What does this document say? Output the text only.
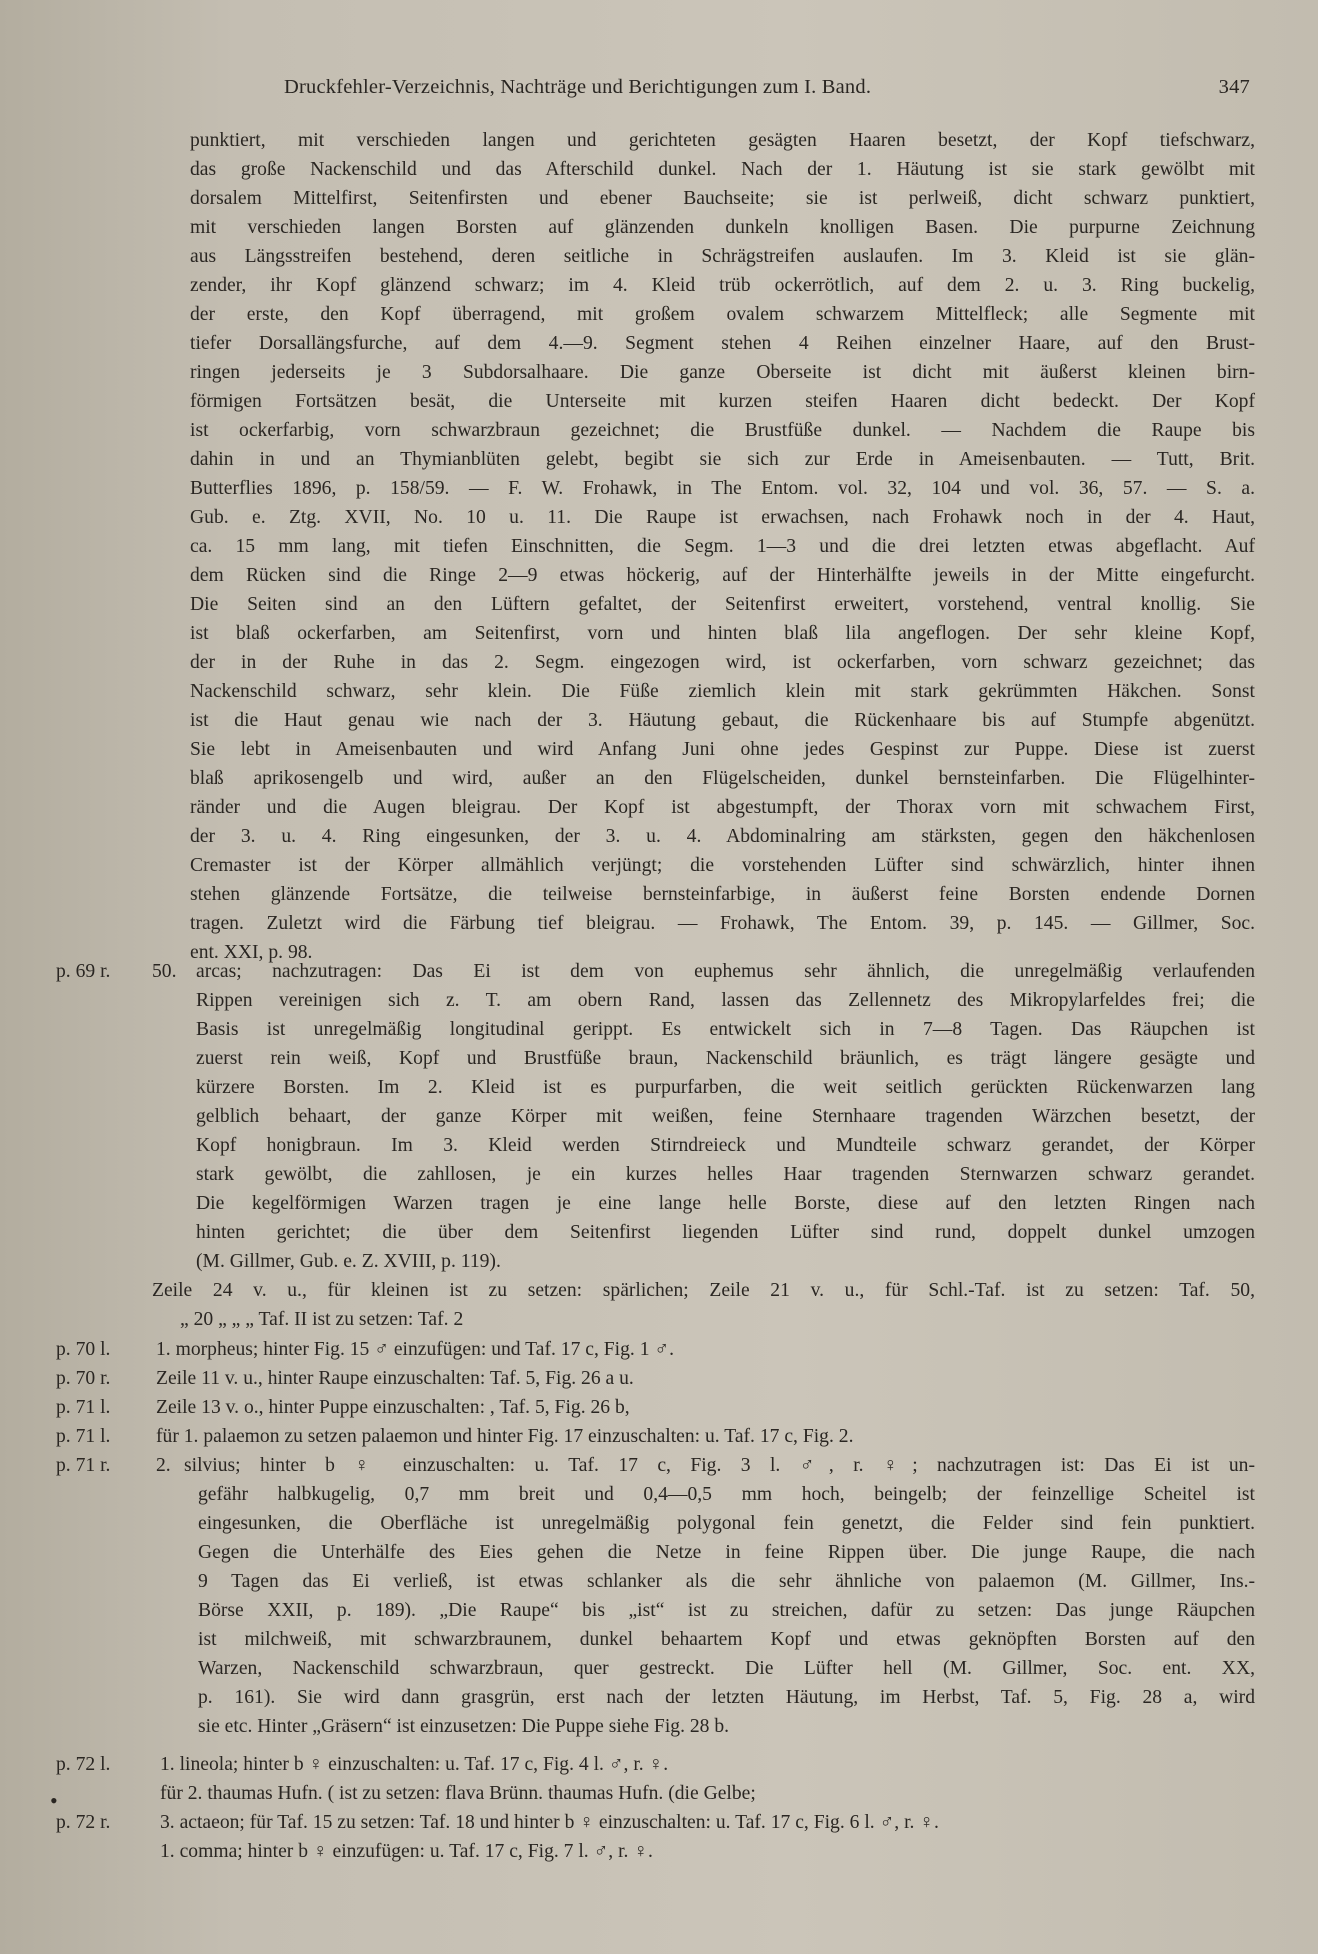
Druckfehler-Verzeichnis, Nachträge und Berichtigungen zum I. Band.	347
punktiert, mit verschieden langen und gerichteten gesägten Haaren besetzt, der Kopf tiefschwarz,
das große Nackenschild und das Afterschild dunkel. Nach der 1. Häutung ist sie stark gewölbt mit
dorsalem Mittelfirst, Seitenfirsten und ebener Bauchseite; sie ist perlweiß, dicht schwarz punktiert,
mit verschieden langen Borsten auf glänzenden dunkeln knolligen Basen. Die purpurne Zeichnung
aus Längsstreifen bestehend, deren seitliche in Schrägstreifen auslaufen. Im 3. Kleid ist sie glän-
zender, ihr Kopf glänzend schwarz; im 4. Kleid trüb ockerrötlich, auf dem 2. u. 3. Ring buckelig,
der erste, den Kopf überragend, mit großem ovalem schwarzem Mittelfleck; alle Segmente mit
tiefer Dorsallängsfurche, auf dem 4.—9. Segment stehen 4 Reihen einzelner Haare, auf den Brust-
ringen jederseits je 3 Subdorsalhaare. Die ganze Oberseite ist dicht mit äußerst kleinen birn-
förmigen Fortsätzen besät, die Unterseite mit kurzen steifen Haaren dicht bedeckt. Der Kopf
ist ockerfarbig, vorn schwarzbraun gezeichnet; die Brustfüße dunkel. — Nachdem die Raupe bis
dahin in und an Thymianblüten gelebt, begibt sie sich zur Erde in Ameisenbauten. — Tutt, Brit.
Butterflies 1896, p. 158/59. — F. W. Frohawk, in The Entom. vol. 32, 104 und vol. 36, 57. — S. a.
Gub. e. Ztg. XVII, No. 10 u. 11. Die Raupe ist erwachsen, nach Frohawk noch in der 4. Haut,
ca. 15 mm lang, mit tiefen Einschnitten, die Segm. 1—3 und die drei letzten etwas abgeflacht. Auf
dem Rücken sind die Ringe 2—9 etwas höckerig, auf der Hinterhälfte jeweils in der Mitte eingefurcht.
Die Seiten sind an den Lüftern gefaltet, der Seitenfirst erweitert, vorstehend, ventral knollig. Sie
ist blaß ockerfarben, am Seitenfirst, vorn und hinten blaß lila angeflogen. Der sehr kleine Kopf,
der in der Ruhe in das 2. Segm. eingezogen wird, ist ockerfarben, vorn schwarz gezeichnet; das
Nackenschild schwarz, sehr klein. Die Füße ziemlich klein mit stark gekrümmten Häkchen. Sonst
ist die Haut genau wie nach der 3. Häutung gebaut, die Rückenhaare bis auf Stumpfe abgenützt.
Sie lebt in Ameisenbauten und wird Anfang Juni ohne jedes Gespinst zur Puppe. Diese ist zuerst
blaß aprikosengelb und wird, außer an den Flügelscheiden, dunkel bernsteinfarben. Die Flügelhinter-
ränder und die Augen bleigrau. Der Kopf ist abgestumpft, der Thorax vorn mit schwachem First,
der 3. u. 4. Ring eingesunken, der 3. u. 4. Abdominalring am stärksten, gegen den häkchenlosen
Cremaster ist der Körper allmählich verjüngt; die vorstehenden Lüfter sind schwärzlich, hinter ihnen
stehen glänzende Fortsätze, die teilweise bernsteinfarbige, in äußerst feine Borsten endende Dornen
tragen. Zuletzt wird die Färbung tief bleigrau. — Frohawk, The Entom. 39, p. 145. — Gillmer, Soc.
ent. XXI, p. 98.
p. 69 r. 50. arcas; nachzutragen: Das Ei ist dem von euphemus sehr ähnlich, die unregelmäßig verlaufenden
Rippen vereinigen sich z. T. am obern Rand, lassen das Zellennetz des Mikropylarfeldes frei; die
Basis ist unregelmäßig longitudinal gerippt. Es entwickelt sich in 7—8 Tagen. Das Räupchen ist
zuerst rein weiß, Kopf und Brustfüße braun, Nackenschild bräunlich, es trägt längere gesägte und
kürzere Borsten. Im 2. Kleid ist es purpurfarben, die weit seitlich gerückten Rückenwarzen lang
gelblich behaart, der ganze Körper mit weißen, feine Sternhaare tragenden Wärzchen besetzt, der
Kopf honigbraun. Im 3. Kleid werden Stirndreieck und Mundteile schwarz gerandet, der Körper
stark gewölbt, die zahllosen, je ein kurzes helles Haar tragenden Sternwarzen schwarz gerandet.
Die kegelförmigen Warzen tragen je eine lange helle Borste, diese auf den letzten Ringen nach
hinten gerichtet; die über dem Seitenfirst liegenden Lüfter sind rund, doppelt dunkel umzogen
(M. Gillmer, Gub. e. Z. XVIII, p. 119).
Zeile 24 v. u., für kleinen ist zu setzen: spärlichen; Zeile 21 v. u., für Schl.-Taf. ist zu setzen: Taf. 50,
„ 20 „ „ „ Taf. II ist zu setzen: Taf. 2
p. 70 l. 1. morpheus; hinter Fig. 15 ♂ einzufügen: und Taf. 17 c, Fig. 1 ♂.
p. 70 r. Zeile 11 v. u., hinter Raupe einzuschalten: Taf. 5, Fig. 26 a u.
p. 71 l. Zeile 13 v. o., hinter Puppe einzuschalten: , Taf. 5, Fig. 26 b,
p. 71 l. für 1. palaemon zu setzen palaemon und hinter Fig. 17 einzuschalten: u. Taf. 17 c, Fig. 2.
p. 71 r. 2. silvius; hinter b ♀ einzuschalten: u. Taf. 17 c, Fig. 3 l. ♂, r. ♀; nachzutragen ist: Das Ei ist un-
gefähr halbkugelig, 0,7 mm breit und 0,4—0,5 mm hoch, beingelb; der feinzellige Scheitel ist
eingesunken, die Oberfläche ist unregelmäßig polygonal fein genetzt, die Felder sind fein punktiert.
Gegen die Unterhälfe des Eies gehen die Netze in feine Rippen über. Die junge Raupe, die nach
9 Tagen das Ei verließ, ist etwas schlanker als die sehr ähnliche von palaemon (M. Gillmer, Ins.-
Börse XXII, p. 189). „Die Raupe“ bis „ist“ ist zu streichen, dafür zu setzen: Das junge Räupchen
ist milchweiß, mit schwarzbraunem, dunkel behaartem Kopf und etwas geknöpften Borsten auf den
Warzen, Nackenschild schwarzbraun, quer gestreckt. Die Lüfter hell (M. Gillmer, Soc. ent. XX,
p. 161). Sie wird dann grasgrün, erst nach der letzten Häutung, im Herbst, Taf. 5, Fig. 28 a, wird
sie etc. Hinter „Gräsern“ ist einzusetzen: Die Puppe siehe Fig. 28 b.
p. 72 l.	1. lineola; hinter b ♀ einzuschalten: u. Taf. 17 c, Fig. 4 l. ♂, r. ♀.
für 2. thaumas Hufn. ( ist zu setzen: flava Brünn. thaumas Hufn. (die Gelbe;
•
p. 72 r.	3. actaeon; für Taf. 15 zu setzen: Taf. 18 und hinter b ♀ einzuschalten: u. Taf. 17 c, Fig. 6 l. ♂, r. ♀.
1. comma; hinter b ♀ einzufügen: u. Taf. 17 c, Fig. 7 l. ♂, r. ♀.
